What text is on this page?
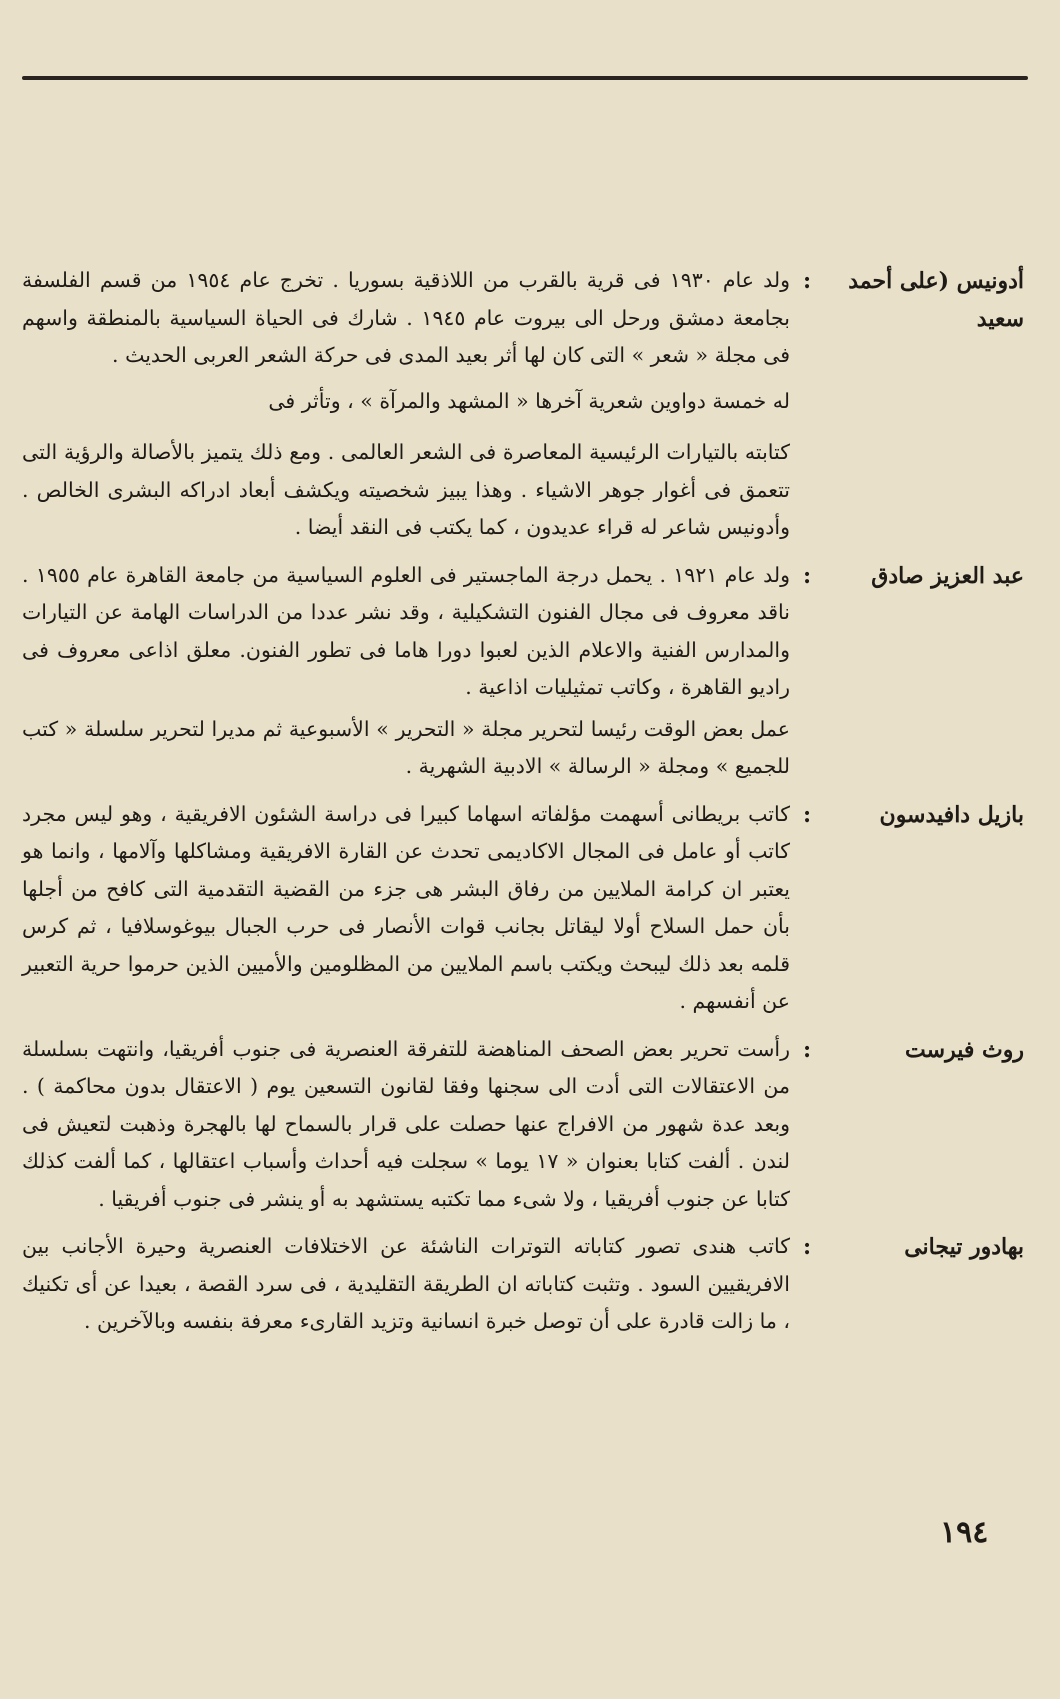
أدونيس (على أحمد سعيد
:

ولد عام ١٩٣٠ فى قرية بالقرب من اللاذقية بسوريا . تخرج عام ١٩٥٤ من قسم الفلسفة بجامعة دمشق ورحل الى بيروت عام ١٩٤٥ . شارك فى الحياة السياسية بالمنطقة واسهم فى مجلة « شعر » التى كان لها أثر بعيد المدى فى حركة الشعر العربى الحديث .

له خمسة دواوين شعرية آخرها « المشهد والمرآة » ، وتأثر فى

كتابته بالتيارات الرئيسية المعاصرة فى الشعر العالمى . ومع ذلك يتميز بالأصالة والرؤية التى تتعمق فى أغوار جوهر الاشياء . وهذا يبيز شخصيته ويكشف أبعاد ادراكه البشرى الخالص . وأدونيس شاعر له قراء عديدون ، كما يكتب فى النقد أيضا .

عبد العزيز صادق
:

ولد عام ١٩٢١ . يحمل درجة الماجستير فى العلوم السياسية من جامعة القاهرة عام ١٩٥٥ . ناقد معروف فى مجال الفنون التشكيلية ، وقد نشر عددا من الدراسات الهامة عن التيارات والمدارس الفنية والاعلام الذين لعبوا دورا هاما فى تطور الفنون. معلق اذاعى معروف فى راديو القاهرة ، وكاتب تمثيليات اذاعية .

عمل بعض الوقت رئيسا لتحرير مجلة « التحرير » الأسبوعية ثم مديرا لتحرير سلسلة « كتب للجميع » ومجلة « الرسالة » الادبية الشهرية .

بازيل دافيدسون
:

كاتب بريطانى أسهمت مؤلفاته اسهاما كبيرا فى دراسة الشئون الافريقية ، وهو ليس مجرد كاتب أو عامل فى المجال الاكاديمى تحدث عن القارة الافريقية ومشاكلها وآلامها ، وانما هو يعتبر ان كرامة الملايين من رفاق البشر هى جزء من القضية التقدمية التى كافح من أجلها بأن حمل السلاح أولا ليقاتل بجانب قوات الأنصار فى حرب الجبال بيوغوسلافيا ، ثم كرس قلمه بعد ذلك ليبحث ويكتب باسم الملايين من المظلومين والأميين الذين حرموا حرية التعبير عن أنفسهم .

روث فيرست
:

رأست تحرير بعض الصحف المناهضة للتفرقة العنصرية فى جنوب أفريقيا، وانتهت بسلسلة من الاعتقالات التى أدت الى سجنها وفقا لقانون التسعين يوم ( الاعتقال بدون محاكمة ) . وبعد عدة شهور من الافراج عنها حصلت على قرار بالسماح لها بالهجرة وذهبت لتعيش فى لندن . ألفت كتابا بعنوان « ١٧ يوما » سجلت فيه أحداث وأسباب اعتقالها ، كما ألفت كذلك كتابا عن جنوب أفريقيا ، ولا شىء مما تكتبه يستشهد به أو ينشر فى جنوب أفريقيا .

بهادور تيجانى
:

كاتب هندى تصور كتاباته التوترات الناشئة عن الاختلافات العنصرية وحيرة الأجانب بين الافريقيين السود . وتثبت كتاباته ان الطريقة التقليدية ، فى سرد القصة ، بعيدا عن أى تكنيك ، ما زالت قادرة على أن توصل خبرة انسانية وتزيد القارىء معرفة بنفسه وبالآخرين .

١٩٤
